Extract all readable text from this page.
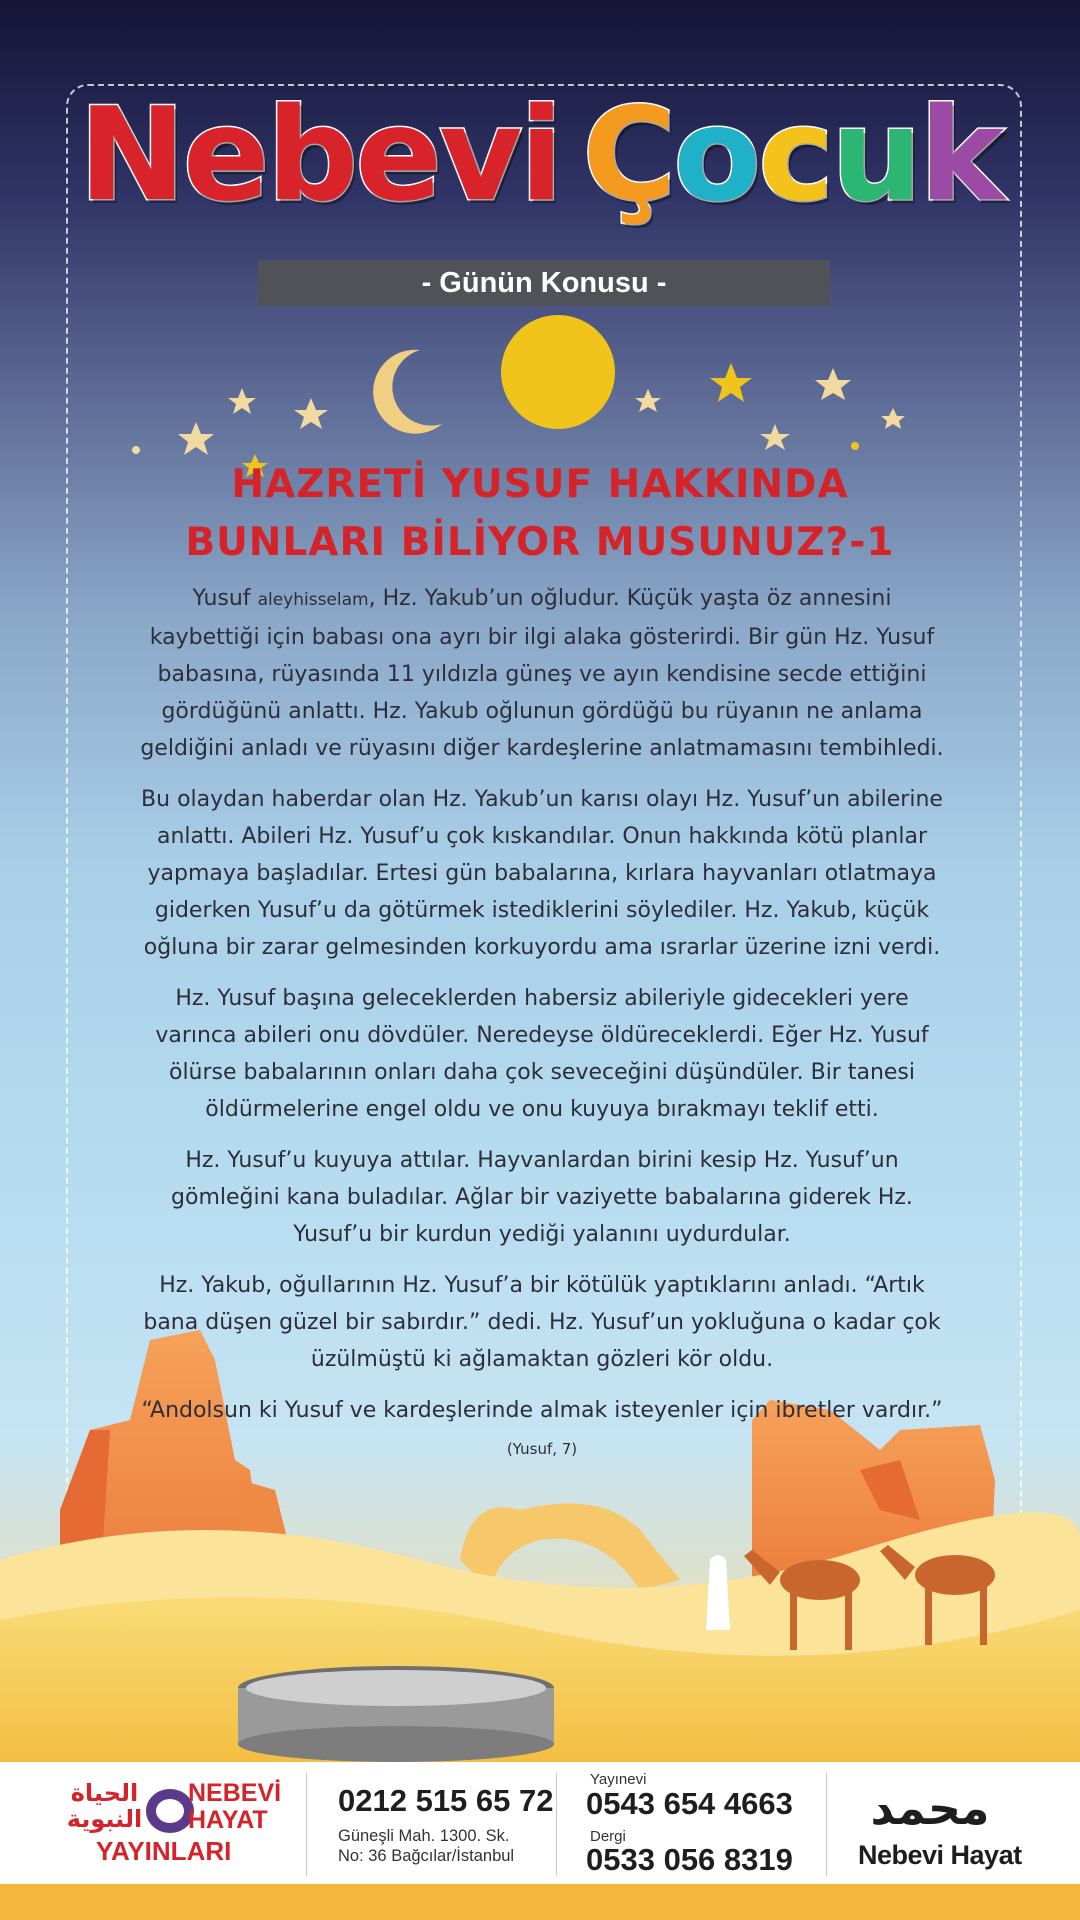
Nebevi Çocuk
- Günün Konusu -
HAZRETİ YUSUF HAKKINDA
BUNLARI BİLİYOR MUSUNUZ?-1

Yusuf aleyhisselam, Hz. Yakub’un oğludur. Küçük yaşta öz annesini kaybettiği için babası ona ayrı bir ilgi alaka gösterirdi. Bir gün Hz. Yusuf babasına, rüyasında 11 yıldızla güneş ve ayın kendisine secde ettiğini gördüğünü anlattı. Hz. Yakub oğlunun gördüğü bu rüyanın ne anlama geldiğini anladı ve rüyasını diğer kardeşlerine anlatmamasını tembihledi.

Bu olaydan haberdar olan Hz. Yakub’un karısı olayı Hz. Yusuf’un abilerine anlattı. Abileri Hz. Yusuf’u çok kıskandılar. Onun hakkında kötü planlar yapmaya başladılar. Ertesi gün babalarına, kırlara hayvanları otlatmaya giderken Yusuf’u da götürmek istediklerini söylediler. Hz. Yakub, küçük oğluna bir zarar gelmesinden korkuyordu ama ısrarlar üzerine izni verdi.

Hz. Yusuf başına geleceklerden habersiz abileriyle gidecekleri yere varınca abileri onu dövdüler. Neredeyse öldüreceklerdi. Eğer Hz. Yusuf ölürse babalarının onları daha çok seveceğini düşündüler. Bir tanesi öldürmelerine engel oldu ve onu kuyuya bırakmayı teklif etti.

Hz. Yusuf’u kuyuya attılar. Hayvanlardan birini kesip Hz. Yusuf’un gömleğini kana buladılar. Ağlar bir vaziyette babalarına giderek Hz. Yusuf’u bir kurdun yediği yalanını uydurdular.

Hz. Yakub, oğullarının Hz. Yusuf’a bir kötülük yaptıklarını anladı. “Artık bana düşen güzel bir sabırdır.” dedi. Hz. Yusuf’un yokluğuna o kadar çok üzülmüştü ki ağlamaktan gözleri kör oldu.

“Andolsun ki Yusuf ve kardeşlerinde almak isteyenler için ibretler vardır.”
(Yusuf, 7)

الحياة النبوية
NEBEVİ
HAYAT
YAYINLARI
0212 515 65 72
Güneşli Mah. 1300. Sk.
No: 36 Bağcılar/İstanbul
Yayınevi
0543 654 4663
Dergi
0533 056 8319
محمد
Nebevi Hayat
